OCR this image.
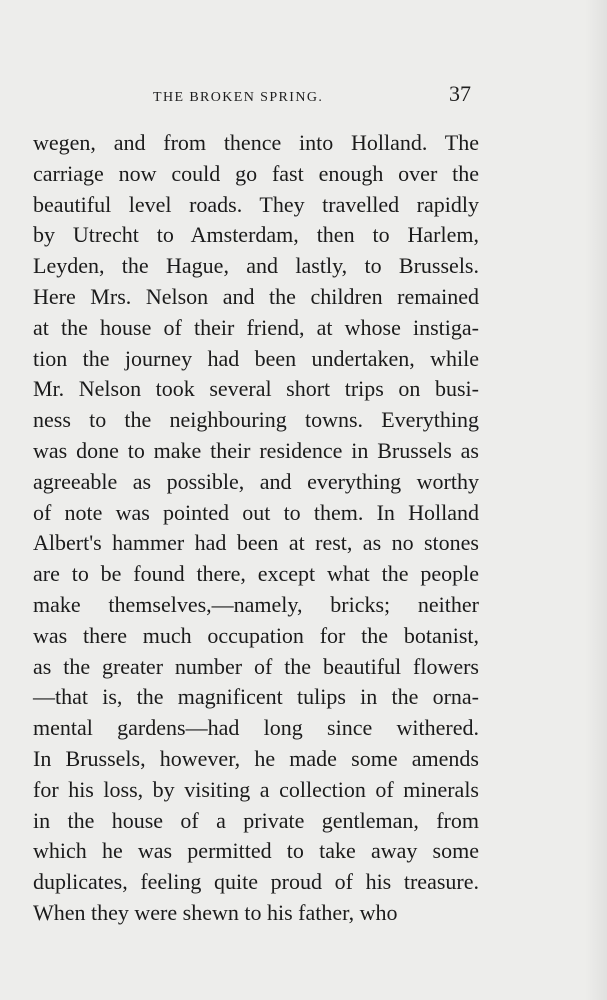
THE BROKEN SPRING.	37
wegen, and from thence into Holland. The
carriage now could go fast enough over the
beautiful level roads. They travelled rapidly
by Utrecht to Amsterdam, then to Harlem,
Leyden, the Hague, and lastly, to Brussels.
Here Mrs. Nelson and the children remained
at the house of their friend, at whose instiga-
tion the journey had been undertaken, while
Mr. Nelson took several short trips on busi-
ness to the neighbouring towns. Everything
was done to make their residence in Brussels as
agreeable as possible, and everything worthy
of note was pointed out to them. In Holland
Albert's hammer had been at rest, as no stones
are to be found there, except what the people
make themselves,—namely, bricks; neither
was there much occupation for the botanist,
as the greater number of the beautiful flowers
—that is, the magnificent tulips in the orna-
mental gardens—had long since withered.
In Brussels, however, he made some amends
for his loss, by visiting a collection of minerals
in the house of a private gentleman, from
which he was permitted to take away some
duplicates, feeling quite proud of his treasure.
When they were shewn to his father, who
